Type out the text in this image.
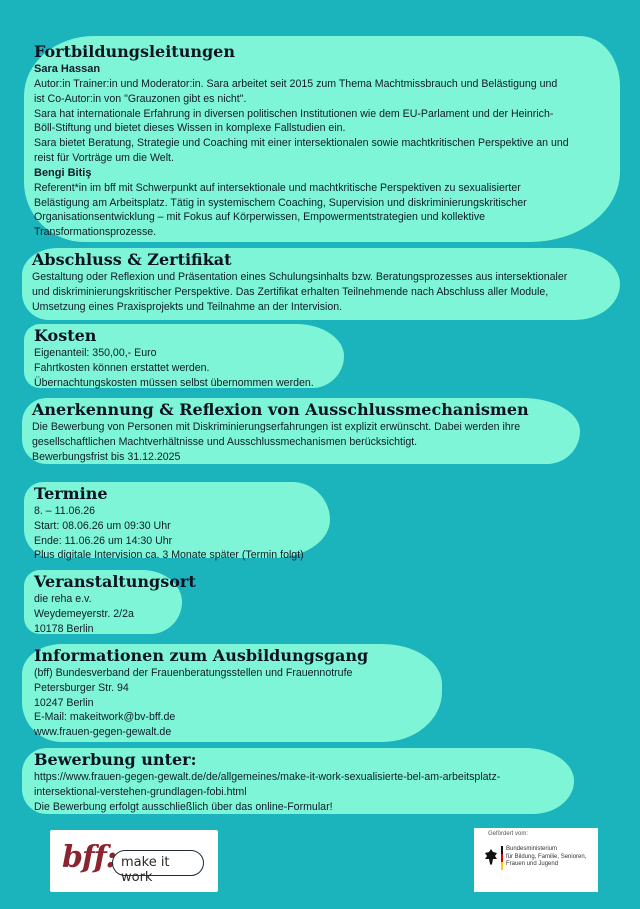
Fortbildungsleitungen
Sara Hassan

Autor:in Trainer:in und Moderator:in. Sara arbeitet seit 2015 zum Thema Machtmissbrauch und Belästigung und

ist Co-Autor:in von "Grauzonen gibt es nicht".

Sara hat internationale Erfahrung in diversen politischen Institutionen wie dem EU-Parlament und der Heinrich-

Böll-Stiftung und bietet dieses Wissen in komplexe Fallstudien ein.

Sara bietet Beratung, Strategie und Coaching mit einer intersektionalen sowie machtkritischen Perspektive an und

reist für Vorträge um die Welt.

Bengi Bitiş

Referent*in im bff mit Schwerpunkt auf intersektionale und machtkritische Perspektiven zu sexualisierter

Belästigung am Arbeitsplatz. Tätig in systemischem Coaching, Supervision und diskriminierungskritischer

Organisationsentwicklung – mit Fokus auf Körperwissen, Empowermentstrategien und kollektive

Transformationsprozesse.

Abschluss & Zertifikat

Gestaltung oder Reflexion und Präsentation eines Schulungsinhalts bzw. Beratungsprozesses aus intersektionaler

und diskriminierungskritischer Perspektive. Das Zertifikat erhalten Teilnehmende nach Abschluss aller Module,

Umsetzung eines Praxisprojekts und Teilnahme an der Intervision.

Kosten

Eigenanteil: 350,00,- Euro

Fahrtkosten können erstattet werden.

Übernachtungskosten müssen selbst übernommen werden.

Anerkennung & Reflexion von Ausschlussmechanismen

Die Bewerbung von Personen mit Diskriminierungserfahrungen ist explizit erwünscht. Dabei werden ihre

gesellschaftlichen Machtverhältnisse und Ausschlussmechanismen berücksichtigt.

Bewerbungsfrist bis 31.12.2025

Termine

8. – 11.06.26

Start: 08.06.26 um 09:30 Uhr

Ende: 11.06.26 um 14:30 Uhr

Plus digitale Intervision ca. 3 Monate später (Termin folgt)

Veranstaltungsort

die reha e.v.

Weydemeyerstr. 2/2a

10178 Berlin

Informationen zum Ausbildungsgang

(bff) Bundesverband der Frauenberatungsstellen und Frauennotrufe

Petersburger Str. 94

10247 Berlin

E-Mail: makeitwork@bv-bff.de

www.frauen-gegen-gewalt.de

Bewerbung unter:

https://www.frauen-gegen-gewalt.de/de/allgemeines/make-it-work-sexualisierte-bel-am-arbeitsplatz-

intersektional-verstehen-grundlagen-fobi.html

Die Bewerbung erfolgt ausschließlich über das online-Formular!

bff: make it work
Gefördert vom:
Bundesministerium
für Bildung, Familie, Senioren,
Frauen und Jugend
